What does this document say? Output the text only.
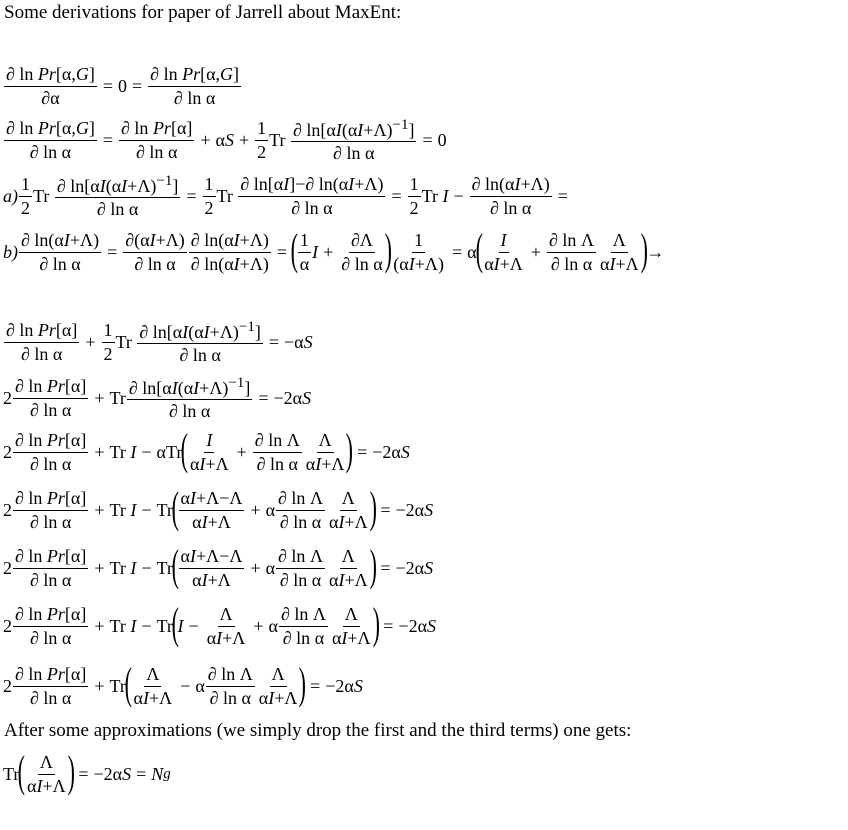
Some derivations for paper of Jarrell about MaxEnt:
$\frac{\text{∂ ln Pr[α,G]}}{\partial\alpha} = 0 = \frac{\text{∂ ln Pr[α,G]}}{\text{∂ ln α}}$
$\frac{\text{∂ ln Pr[α,G]}}{\text{∂ ln α}} = \frac{\text{∂ ln Pr[α]}}{\text{∂ ln α}} + \alpha$ $S + \frac{1}{2}$ Tr
$\frac{\partial \ln[\alpha I(\alpha I+\Lambda)^{-1}]}{\text{∂ ln α}} = 0$
$a) \frac{1}{2}$ Tr
$\frac{\partial \ln[\alpha I(\alpha I+\Lambda)^{-1}]}{\text{∂ ln α}} = \frac{1}{2}$ Tr
$\frac{\partial \ln[\alpha I]-\partial \ln(\alpha I+\Lambda)}{\text{∂ ln α}} = \frac{1}{2}$ Tr
$I - \frac{\partial \ln(\alpha I+\Lambda)}{\text{∂ ln α}}$ =
$b) \frac{\partial \ln(\alpha I+\Lambda)}{\text{∂ ln α}} = \frac{\partial(\alpha I+\Lambda)}{\text{∂ ln α}} \frac{\partial \ln(\alpha I+\Lambda)}{\partial \ln(\alpha I+\Lambda)}$ = ( $\frac{1}{\alpha}$ $I + \frac{\partial\Lambda}{\text{∂ ln α}}$ ) $\frac{1}{(\alpha I+\Lambda)} = \alpha$
( $\frac{I}{\alpha I+\Lambda} + \frac{\text{∂ ln Λ}}{\text{∂ ln α}} \frac{\Lambda}{\alpha I+\Lambda}$ )
→
$\frac{\text{∂ ln Pr[α]}}{\text{∂ ln α}} + \frac{1}{2}$ Tr
$\frac{\partial \ln[\alpha I(\alpha I+\Lambda)^{-1}]}{\text{∂ ln α}}$ = − α S
$2 \frac{\text{∂ ln Pr[α]}}{\text{∂ ln α}} + Tr \frac{\partial \ln[\alpha I(\alpha I+\Lambda)^{-1}]}{\text{∂ ln α}}$ = − 2 α S
$2 \frac{\text{∂ ln Pr[α]}}{\text{∂ ln α}} + Tr$
I − α Tr
( $\frac{I}{\alpha I+\Lambda} + \frac{\text{∂ ln Λ}}{\text{∂ ln α}} \frac{\Lambda}{\alpha I+\Lambda}$ ) = − 2 α S
$2 \frac{\text{∂ ln Pr[α]}}{\text{∂ ln α}} + Tr$
I − Tr
( $\frac{\alpha I+\Lambda-\Lambda}{\alpha I+\Lambda} + \alpha \frac{\text{∂ ln Λ}}{\text{∂ ln α}} \frac{\Lambda}{\alpha I+\Lambda}$ ) = − 2 α S
$2 \frac{\text{∂ ln Pr[α]}}{\text{∂ ln α}} + Tr$
I − Tr
( $\frac{\alpha I+\Lambda-\Lambda}{\alpha I+\Lambda} + \alpha \frac{\text{∂ ln Λ}}{\text{∂ ln α}} \frac{\Lambda}{\alpha I+\Lambda}$ ) = − 2 α S
$2 \frac{\text{∂ ln Pr[α]}}{\text{∂ ln α}} + Tr$
I − Tr
(
$I - \frac{\Lambda}{\alpha I+\Lambda} + \alpha \frac{\text{∂ ln Λ}}{\text{∂ ln α}} \frac{\Lambda}{\alpha I+\Lambda}$ ) = − 2 α S
$2 \frac{\text{∂ ln Pr[α]}}{\text{∂ ln α}} + Tr$
( $\frac{\Lambda}{\alpha I+\Lambda} - \alpha \frac{\text{∂ ln Λ}}{\text{∂ ln α}} \frac{\Lambda}{\alpha I+\Lambda}$ ) = − 2 α S
After some approximations (we simply drop the first and the third terms) one gets:
Tr
( $\frac{\Lambda}{\alpha I+\Lambda}$ ) = − 2 α S = N g
